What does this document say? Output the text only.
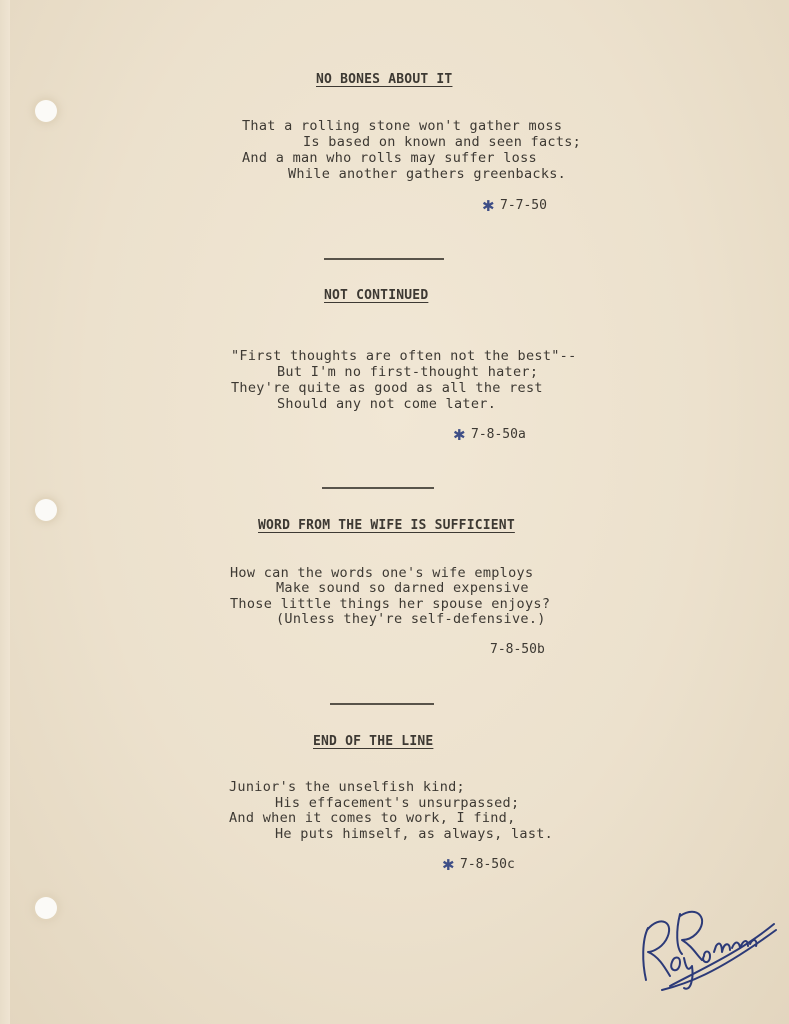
NO BONES ABOUT IT
That a rolling stone won't gather moss
Is based on known and seen facts;
And a man who rolls may suffer loss
While another gathers greenbacks.
✱ 7-7-50
NOT CONTINUED
"First thoughts are often not the best"--
But I'm no first-thought hater;
They're quite as good as all the rest
Should any not come later.
✱ 7-8-50a
WORD FROM THE WIFE IS SUFFICIENT
How can the words one's wife employs
Make sound so darned expensive
Those little things her spouse enjoys?
(Unless they're self-defensive.)
7-8-50b
END OF THE LINE
Junior's the unselfish kind;
His effacement's unsurpassed;
And when it comes to work, I find,
He puts himself, as always, last.
✱ 7-8-50c
